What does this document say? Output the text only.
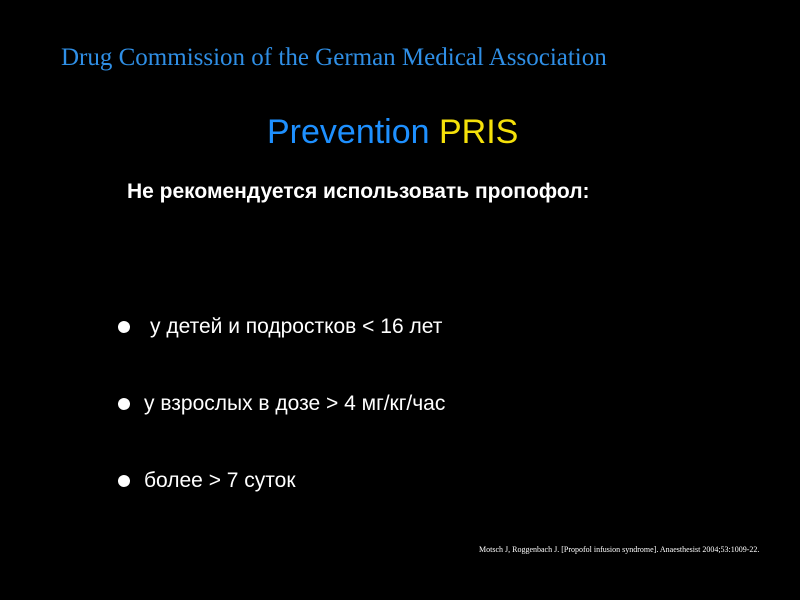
Drug Commission of the German Medical Association
Prevention PRIS
Не рекомендуется использовать пропофол:
у детей и подростков < 16 лет
у взрослых в дозе > 4 мг/кг/час
более > 7 суток
Motsch J, Roggenbach J. [Propofol infusion syndrome]. Anaesthesist 2004;53:1009-22.
